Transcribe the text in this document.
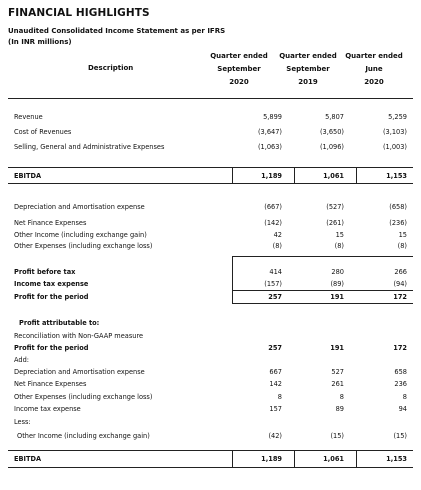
FINANCIAL HIGHLIGHTS
Unaudited Consolidated Income Statement as per IFRS
(In INR millions)
Description
Quarter ended
September
2020
Quarter ended
September
2019
Quarter ended
June
2020
Revenue	5,899	5,807	5,259
Cost of Revenues	(3,647)	(3,650)	(3,103)
Selling, General and Administrative Expenses	(1,063)	(1,096)	(1,003)
EBITDA	1,189	1,061	1,153
Depreciation and Amortisation expense	(667)	(527)	(658)
Net Finance Expenses	(142)	(261)	(236)
Other Income (including exchange gain)	42	15	15
Other Expenses (including exchange loss)	(8)	(8)	(8)
Profit before tax	414	280	266
Income tax expense	(157)	(89)	(94)
Profit for the period	257	191	172
Profit attributable to:
Reconciliation with Non-GAAP measure
Profit for the period	257	191	172
Add:
Depreciation and Amortisation expense	667	527	658
Net Finance Expenses	142	261	236
Other Expenses (including exchange loss)	8	8	8
Income tax expense	157	89	94
Less:
Other Income (including exchange gain)	(42)	(15)	(15)
EBITDA	1,189	1,061	1,153
